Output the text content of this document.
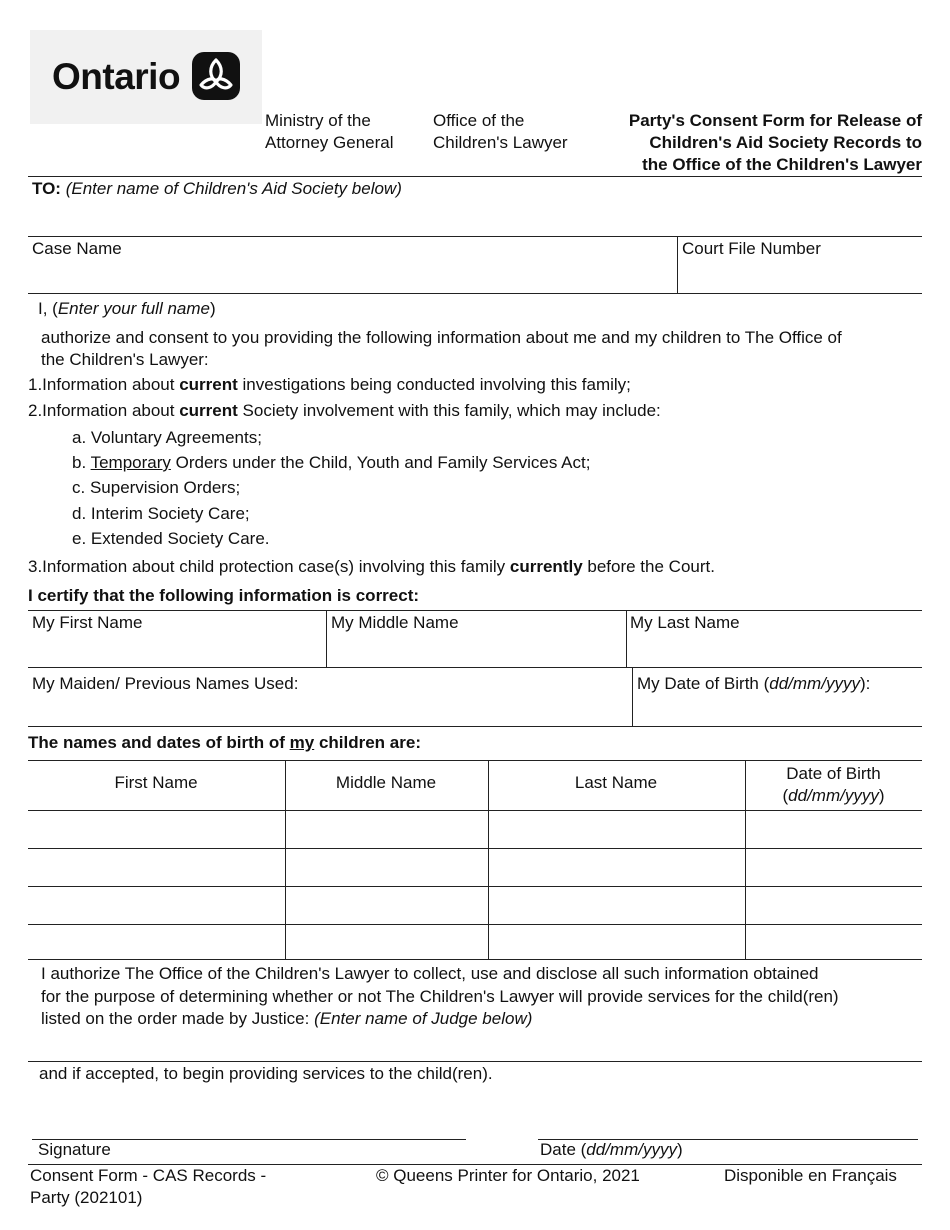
Ontario
Ministry of the
Attorney General
Office of the
Children's Lawyer
Party's Consent Form for Release of
Children's Aid Society Records to
the Office of the Children's Lawyer
TO: (Enter name of Children's Aid Society below)
Case Name	Court File Number
I, (Enter your full name)
authorize and consent to you providing the following information about me and my children to The Office of
the Children's Lawyer:
1.Information about current investigations being conducted involving this family;
2.Information about current Society involvement with this family, which may include:
a. Voluntary Agreements;
b. Temporary Orders under the Child, Youth and Family Services Act;
c. Supervision Orders;
d. Interim Society Care;
e. Extended Society Care.
3.Information about child protection case(s) involving this family currently before the Court.
I certify that the following information is correct:
My First Name	My Middle Name	My Last Name
My Maiden/ Previous Names Used:	My Date of Birth (dd/mm/yyyy):
The names and dates of birth of my children are:
First Name	Middle Name	Last Name	Date of Birth
(dd/mm/yyyy)
I authorize The Office of the Children's Lawyer to collect, use and disclose all such information obtained
for the purpose of determining whether or not The Children's Lawyer will provide services for the child(ren)
listed on the order made by Justice: (Enter name of Judge below)
and if accepted, to begin providing services to the child(ren).
Signature	Date (dd/mm/yyyy)
Consent Form - CAS Records -
Party (202101)
© Queens Printer for Ontario, 2021	Disponible en Français
